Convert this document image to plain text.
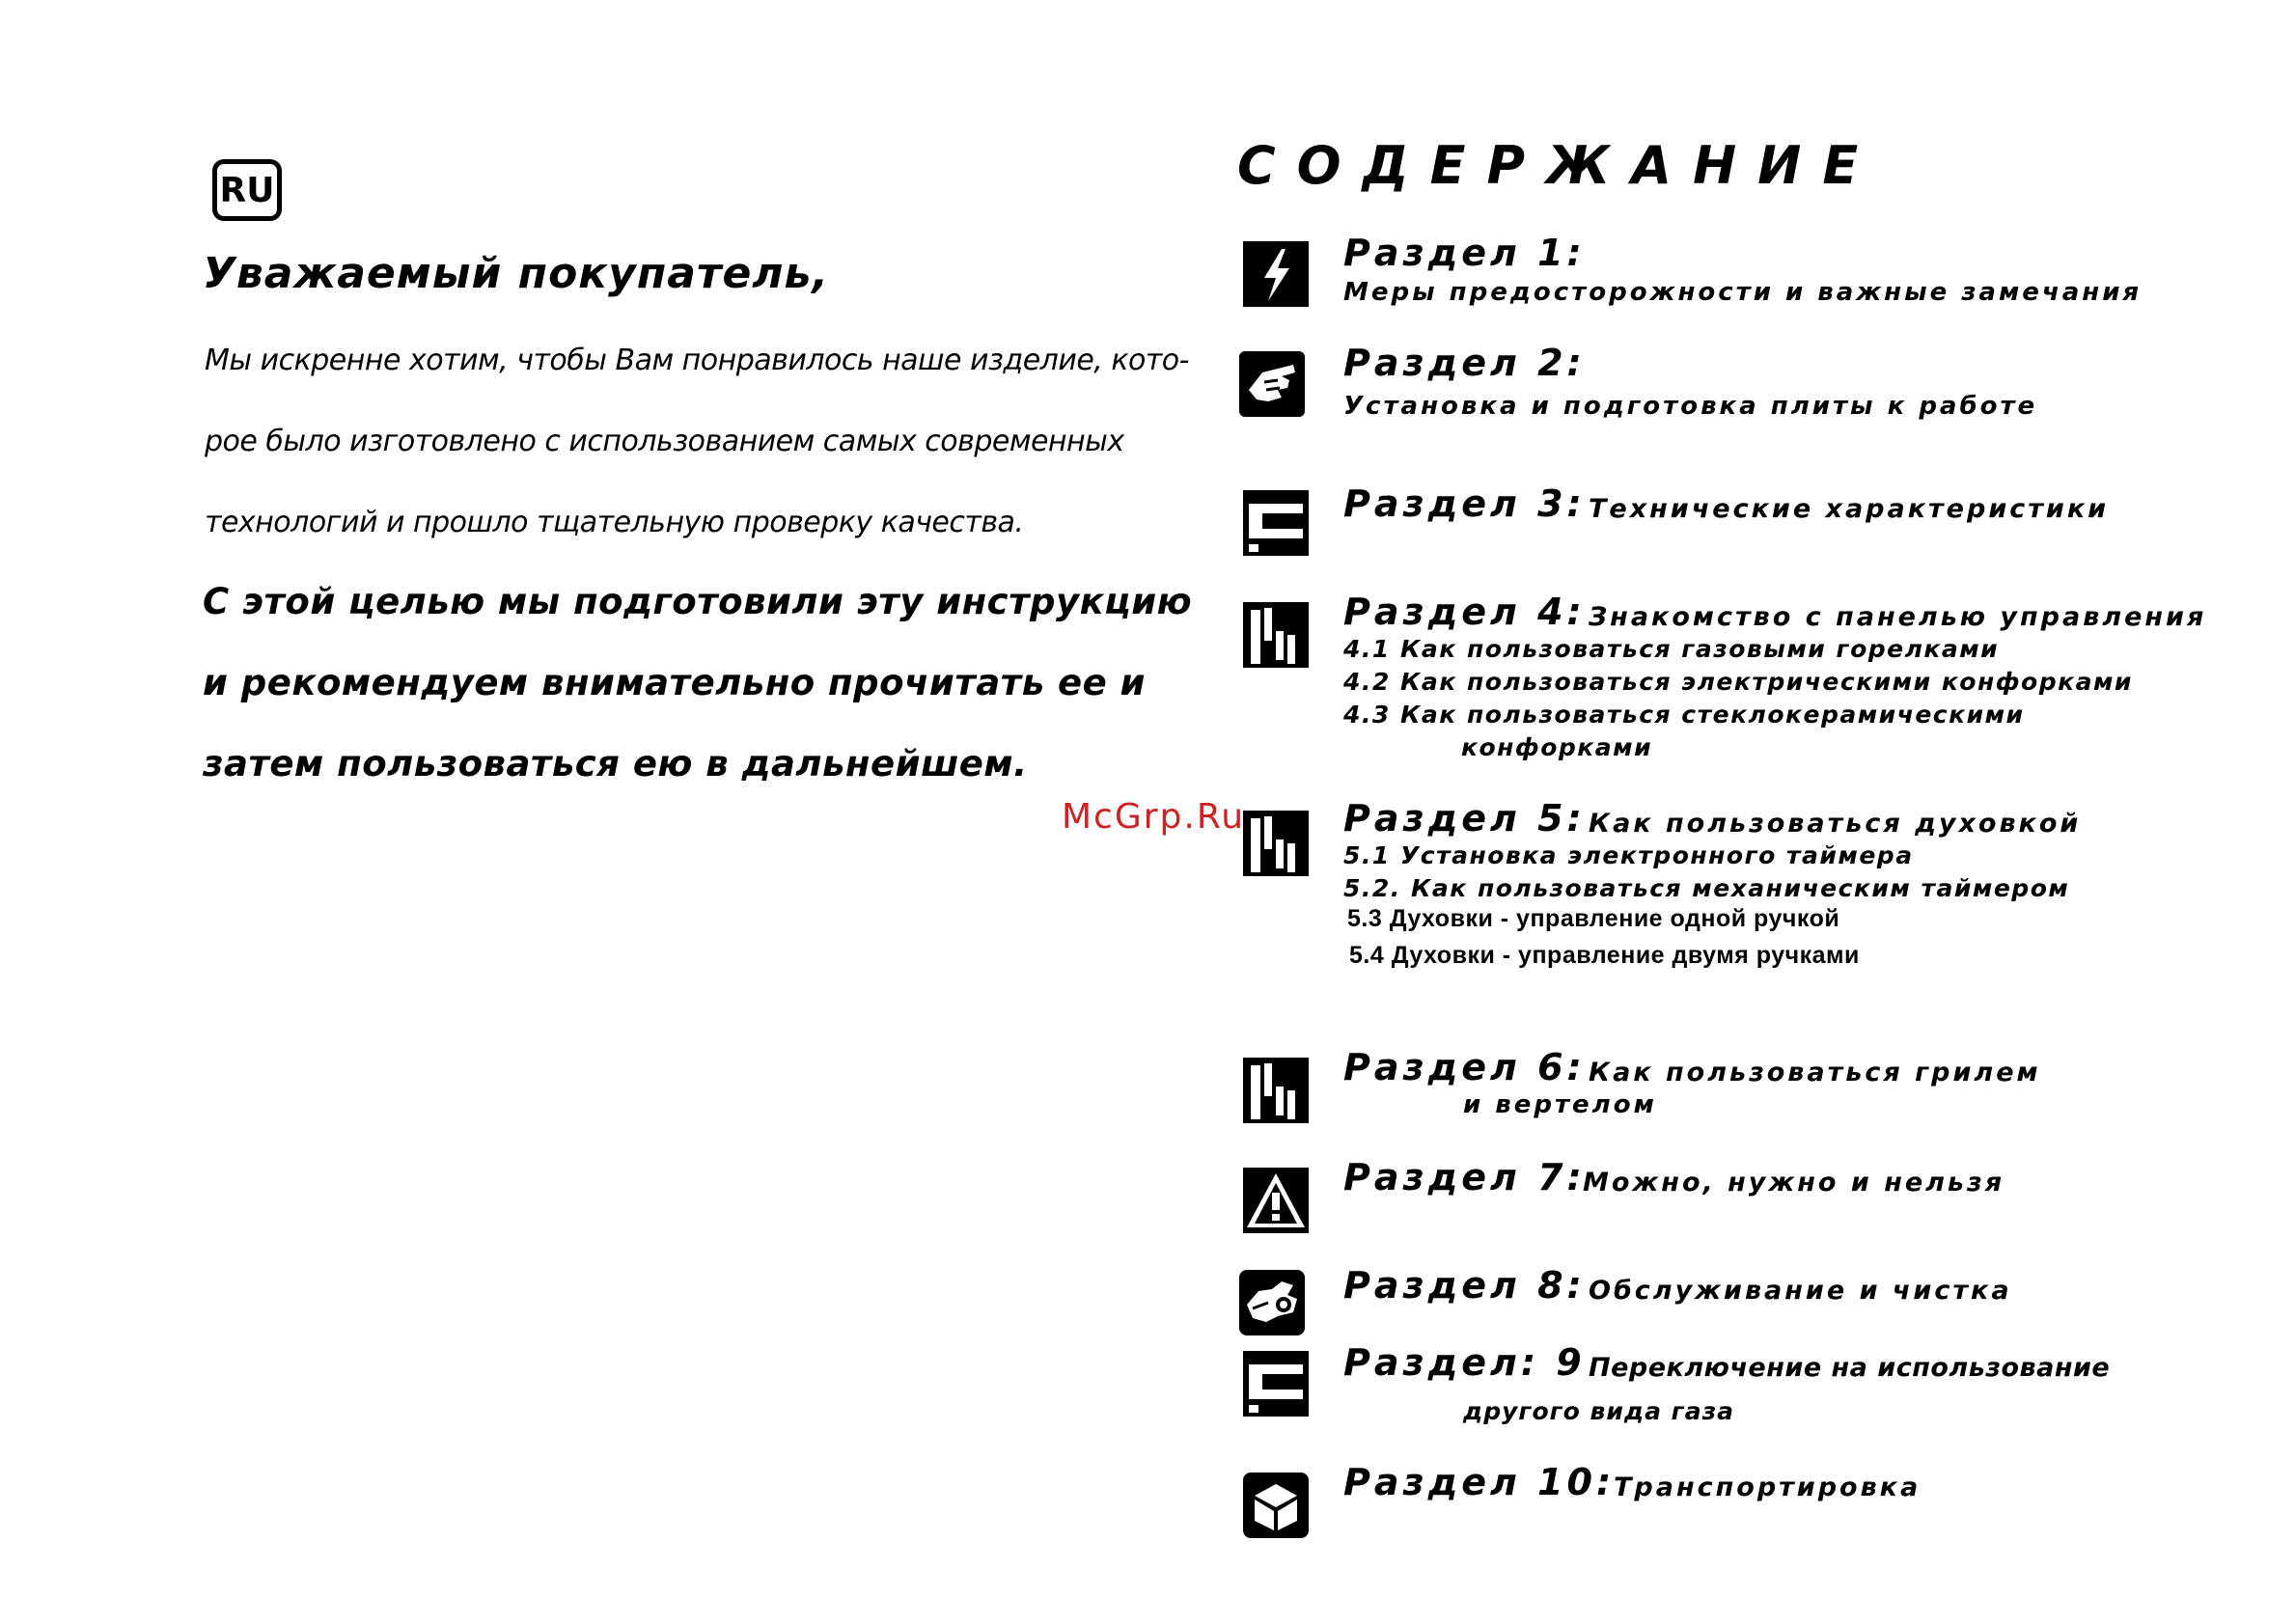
RU
Уважаемый покупатель,
Мы искренне хотим, чтобы Вам понравилось наше изделие, кото-
рое было изготовлено с использованием самых современных
технологий и прошло тщательную проверку качества.
С этой целью мы подготовили эту инструкцию
и рекомендуем внимательно прочитать ее и
затем пользоваться ею в дальнейшем.
СОДЕРЖАНИЕ
Раздел 1:
Меры предосторожности и важные замечания
Раздел 2:
Установка и подготовка плиты к работе
Раздел 3: Технические характеристики
Раздел 4: Знакомство с панелью управления
4.1 Как пользоваться газовыми горелками
4.2 Как пользоваться электрическими конфорками
4.3 Как пользоваться стеклокерамическими
конфорками
Раздел 5: Как пользоваться духовкой
5.1 Установка электронного таймера
5.2. Как пользоваться механическим таймером
5.3 Духовки - управление одной ручкой
5.4 Духовки - управление двумя ручками
Раздел 6: Как пользоваться грилем
и вертелом
Раздел 7:
Можно, нужно и нельзя
Раздел 8: Обслуживание и чистка
Раздел: 9 Переключение на использование
другого вида газа
Раздел 10:
Транспортировка
McGrp.Ru
